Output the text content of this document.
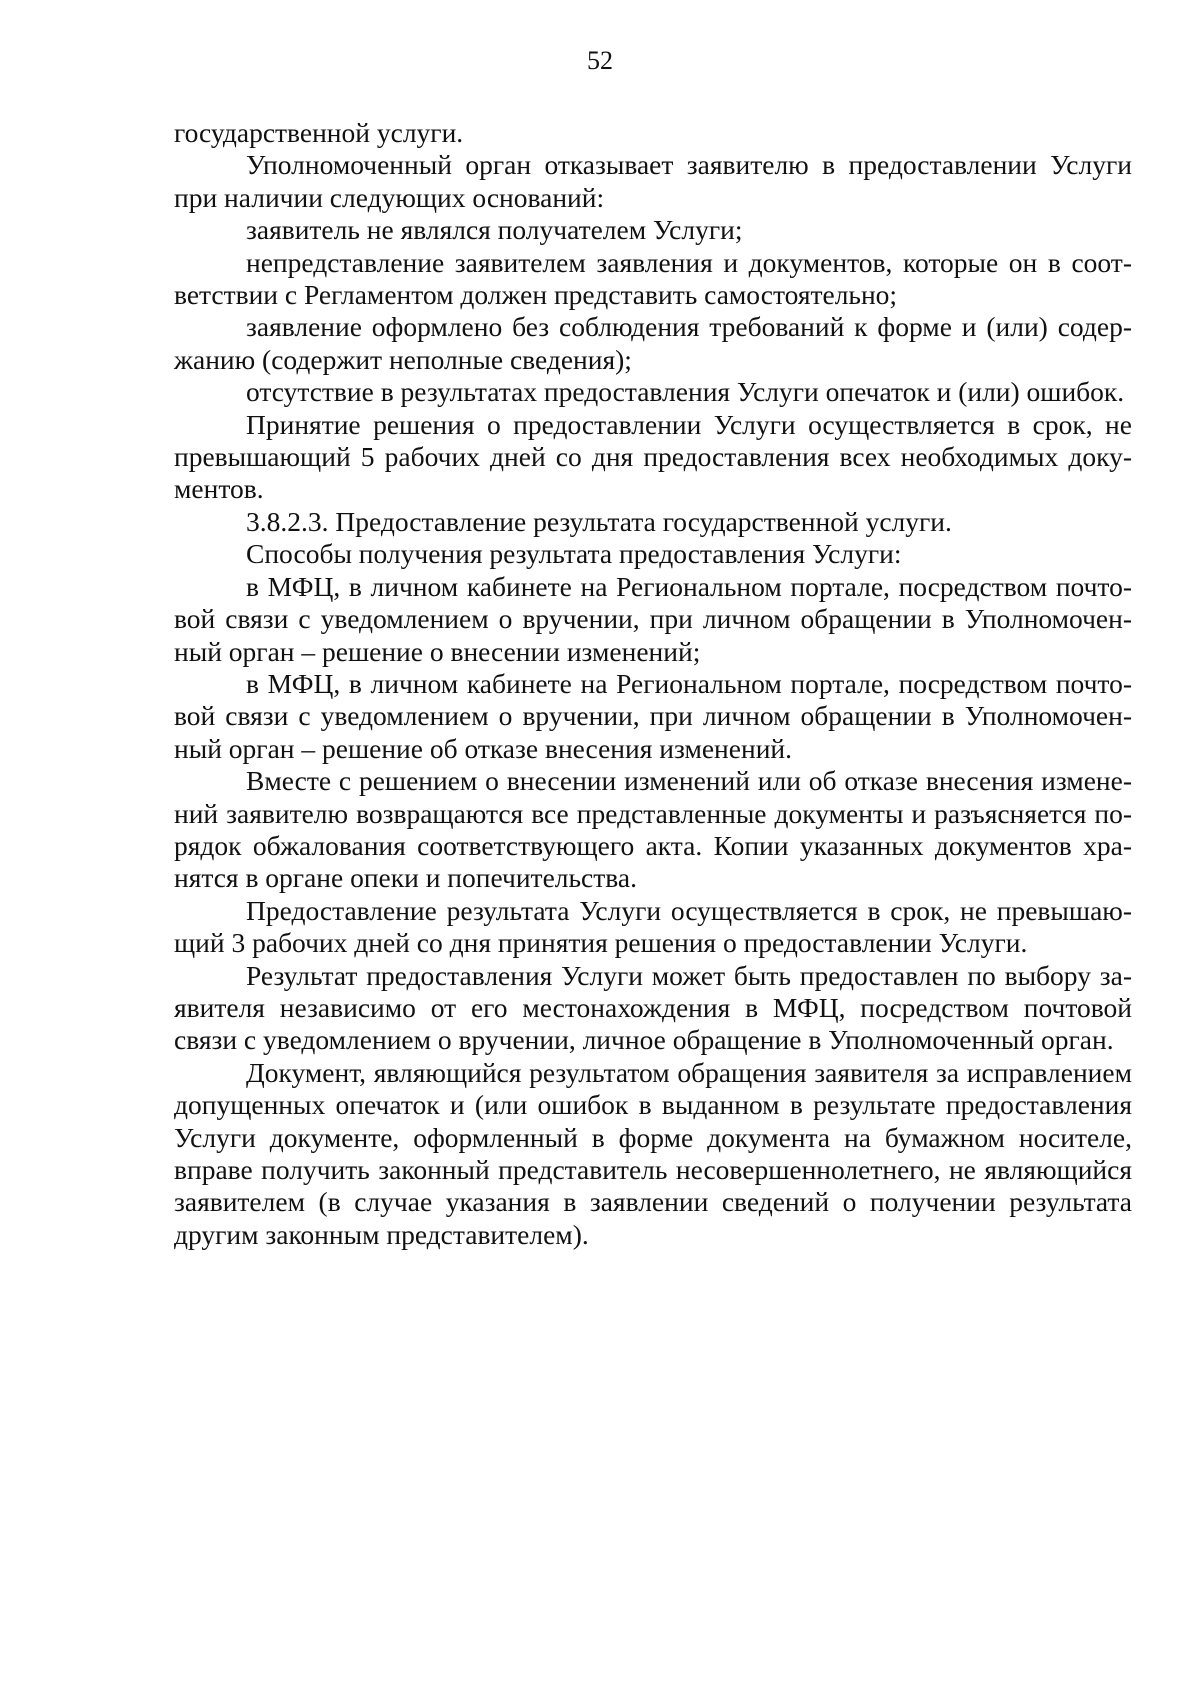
52

государственной услуги.

Уполномоченный орган отказывает заявителю в предоставлении Услуги при наличии следующих оснований:

заявитель не являлся получателем Услуги;

непредставление заявителем заявления и документов, которые он в соответствии с Регламентом должен представить самостоятельно;

заявление оформлено без соблюдения требований к форме и (или) содержанию (содержит неполные сведения);

отсутствие в результатах предоставления Услуги опечаток и (или) ошибок.

Принятие решения о предоставлении Услуги осуществляется в срок, не превышающий 5 рабочих дней со дня предоставления всех необходимых документов.

3.8.2.3. Предоставление результата государственной услуги.

Способы получения результата предоставления Услуги:

в МФЦ, в личном кабинете на Региональном портале, посредством почтовой связи с уведомлением о вручении, при личном обращении в Уполномоченный орган – решение о внесении изменений;

в МФЦ, в личном кабинете на Региональном портале, посредством почтовой связи с уведомлением о вручении, при личном обращении в Уполномоченный орган – решение об отказе внесения изменений.

Вместе с решением о внесении изменений или об отказе внесения изменений заявителю возвращаются все представленные документы и разъясняется порядок обжалования соответствующего акта. Копии указанных документов хранятся в органе опеки и попечительства.

Предоставление результата Услуги осуществляется в срок, не превышающий 3 рабочих дней со дня принятия решения о предоставлении Услуги.

Результат предоставления Услуги может быть предоставлен по выбору заявителя независимо от его местонахождения в МФЦ, посредством почтовой связи с уведомлением о вручении, личное обращение в Уполномоченный орган.

Документ, являющийся результатом обращения заявителя за исправлением допущенных опечаток и (или ошибок в выданном в результате предоставления Услуги документе, оформленный в форме документа на бумажном носителе, вправе получить законный представитель несовершеннолетнего, не являющийся заявителем (в случае указания в заявлении сведений о получении результата другим законным представителем).
